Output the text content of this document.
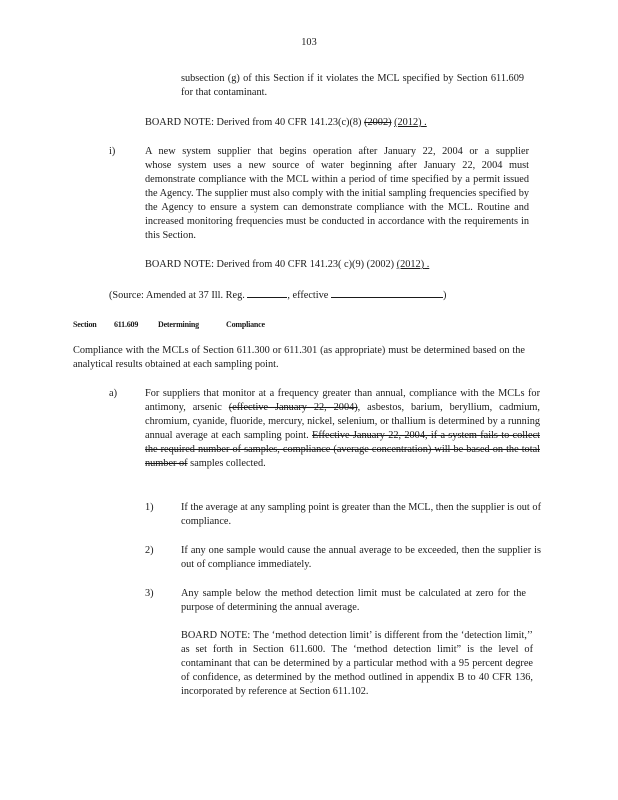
103

subsection (g) of this Section if it violates the MCL specified by Section 611.609 for that contaminant.

BOARD NOTE: Derived from 40 CFR 141.23(c)(8) (2002) (2012) .

i)	A new system supplier that begins operation after January 22, 2004 or a supplier

whose system uses a new source of water beginning after January 22, 2004 must demonstrate compliance with the MCL within a period of time specified by a permit issued the Agency. The supplier must also comply with the initial sampling frequencies specified by the Agency to ensure a system can demonstrate compliance with the MCL. Routine and increased monitoring frequencies must be conducted in accordance with the requirements in this Section.

BOARD NOTE: Derived from 40 CFR 141.23( c)(9) (2002) (2012) .

(Source: Amended at 37 Ill. Reg.	, effective	)

Section 611.609 Determining	Compliance

Compliance with the MCLs of Section 611.300 or 611.301 (as appropriate) must be determined based on the analytical results obtained at each sampling point.

a)	For suppliers that monitor at a frequency greater than annual, compliance with the MCLs for antimony, arsenic (effective January 22, 2004), asbestos, barium, beryllium, cadmium, chromium, cyanide, fluoride, mercury, nickel, selenium, or thallium is determined by a running annual average at each sampling point. Effective January 22, 2004, if a system fails to collect the required number of samples, compliance (average concentration) will be based on the total number of samples collected.

1)	If the average at any sampling point is greater than the MCL, then the supplier is out of compliance.

2)	If any one sample would cause the annual average to be exceeded, then the supplier is out of compliance immediately.

3)	Any sample below the method detection limit must be calculated at zero for the purpose of determining the annual average.

BOARD NOTE: The ‘method detection limit’ is different from the ‘detection limit,’’ as set forth in Section 611.600. The ‘method detection limit” is the level of contaminant that can be determined by a particular method with a 95 percent degree of confidence, as determined by the method outlined in appendix B to 40 CFR 136, incorporated by reference at Section 611.102.
